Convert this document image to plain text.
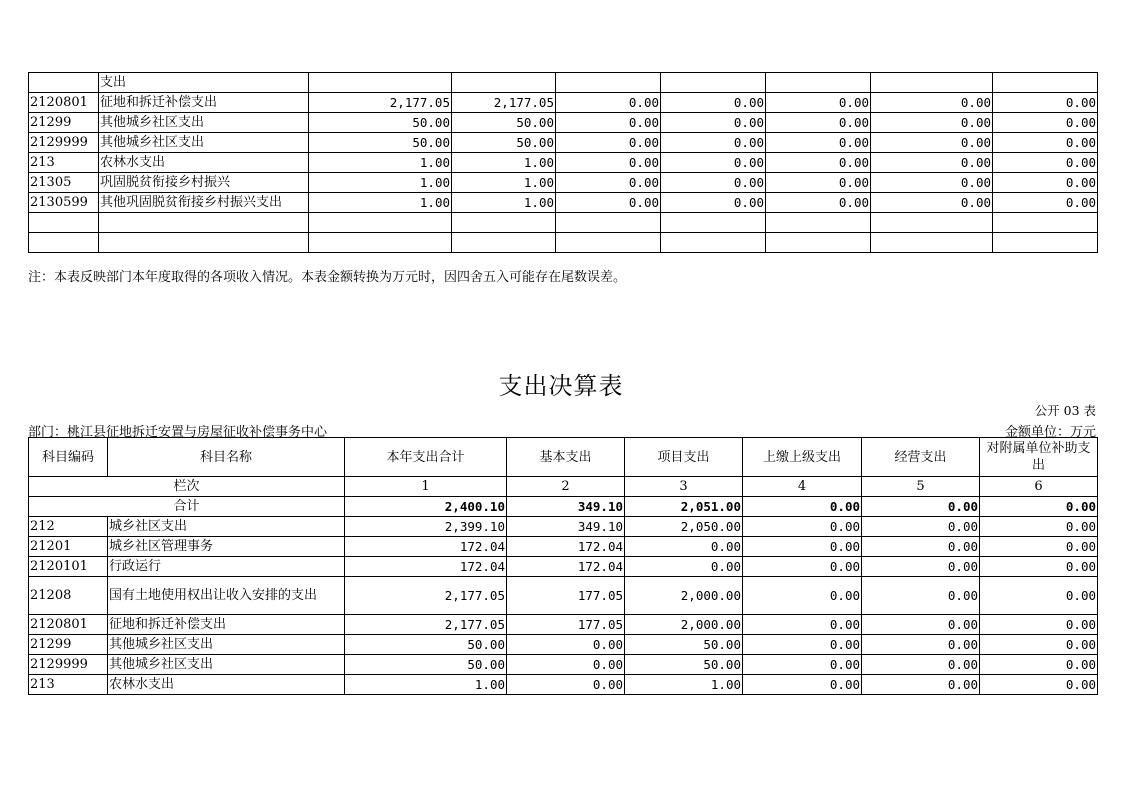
	支出							
2120801	征地和拆迁补偿支出	2,177.05	2,177.05	0.00	0.00	0.00	0.00	0.00
21299	其他城乡社区支出	50.00	50.00	0.00	0.00	0.00	0.00	0.00
2129999	其他城乡社区支出	50.00	50.00	0.00	0.00	0.00	0.00	0.00
213	农林水支出	1.00	1.00	0.00	0.00	0.00	0.00	0.00
21305	巩固脱贫衔接乡村振兴	1.00	1.00	0.00	0.00	0.00	0.00	0.00
2130599	其他巩固脱贫衔接乡村振兴支出	1.00	1.00	0.00	0.00	0.00	0.00	0.00

注：本表反映部门本年度取得的各项收入情况。本表金额转换为万元时，因四舍五入可能存在尾数误差。
支出决算表
公开 03 表
部门：桃江县征地拆迁安置与房屋征收补偿事务中心	金额单位：万元
科目编码	科目名称	本年支出合计	基本支出	项目支出	上缴上级支出	经营支出	对附属单位补助支出
栏次		1	2	3	4	5	6
合计		2,400.10	349.10	2,051.00	0.00	0.00	0.00
212	城乡社区支出	2,399.10	349.10	2,050.00	0.00	0.00	0.00
21201	城乡社区管理事务	172.04	172.04	0.00	0.00	0.00	0.00
2120101	行政运行	172.04	172.04	0.00	0.00	0.00	0.00
21208	国有土地使用权出让收入安排的支出	2,177.05	177.05	2,000.00	0.00	0.00	0.00
2120801	征地和拆迁补偿支出	2,177.05	177.05	2,000.00	0.00	0.00	0.00
21299	其他城乡社区支出	50.00	0.00	50.00	0.00	0.00	0.00
2129999	其他城乡社区支出	50.00	0.00	50.00	0.00	0.00	0.00
213	农林水支出	1.00	0.00	1.00	0.00	0.00	0.00
